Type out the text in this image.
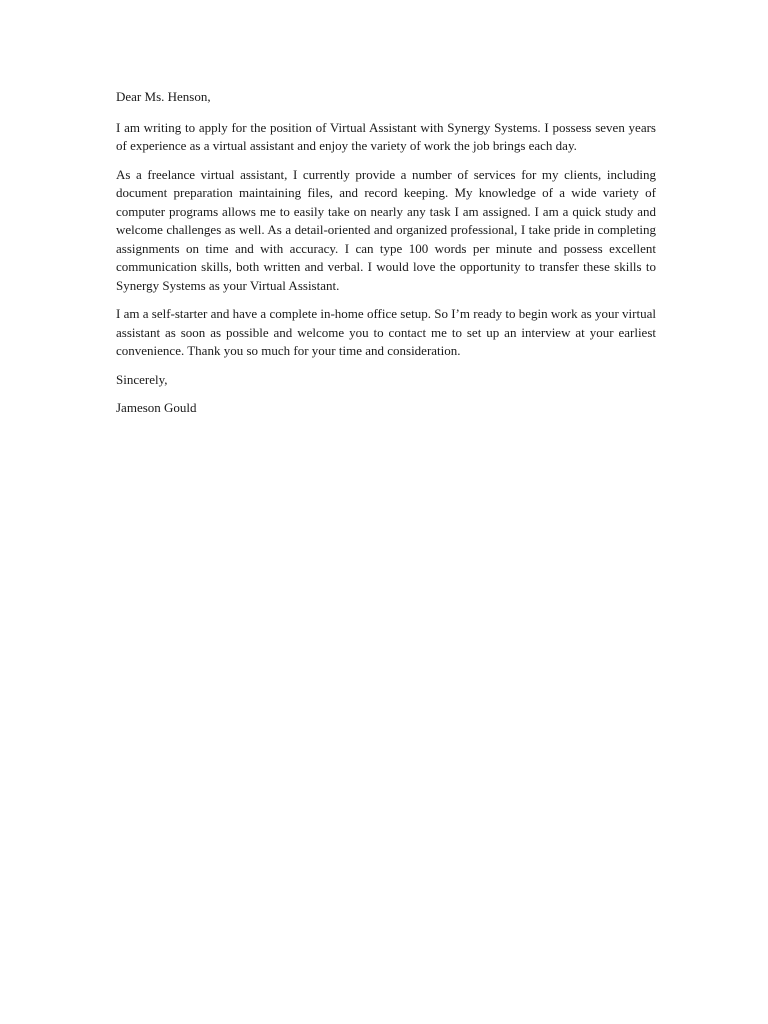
Dear Ms. Henson,

I am writing to apply for the position of Virtual Assistant with Synergy Systems. I possess seven years of experience as a virtual assistant and enjoy the variety of work the job brings each day.

As a freelance virtual assistant, I currently provide a number of services for my clients, including document preparation maintaining files, and record keeping. My knowledge of a wide variety of computer programs allows me to easily take on nearly any task I am assigned. I am a quick study and welcome challenges as well. As a detail-oriented and organized professional, I take pride in completing assignments on time and with accuracy. I can type 100 words per minute and possess excellent communication skills, both written and verbal. I would love the opportunity to transfer these skills to Synergy Systems as your Virtual Assistant.

I am a self-starter and have a complete in-home office setup. So I’m ready to begin work as your virtual assistant as soon as possible and welcome you to contact me to set up an interview at your earliest convenience. Thank you so much for your time and consideration.

Sincerely,

Jameson Gould
